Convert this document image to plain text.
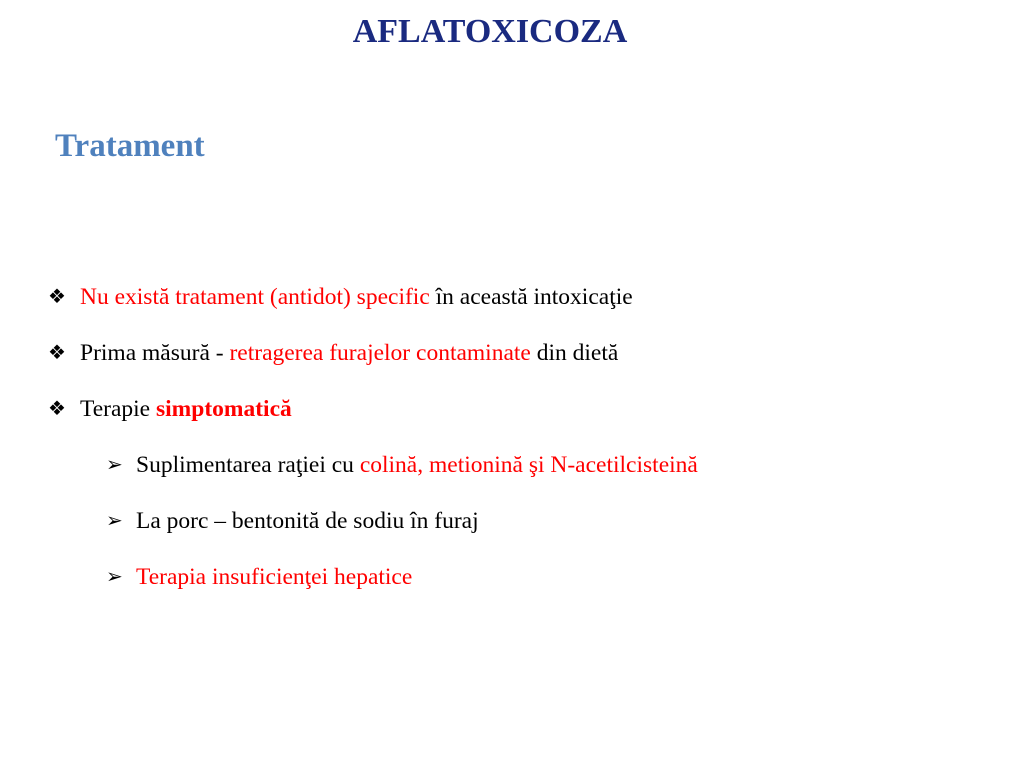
AFLATOXICOZA
Tratament
❖ Nu există tratament (antidot) specific în această intoxicaţie
❖ Prima măsură - retragerea furajelor contaminate din dietă
❖ Terapie simptomatică
➢ Suplimentarea raţiei cu colină, metionină şi N-acetilcisteină
➢ La porc – bentonită de sodiu în furaj
➢ Terapia insuficienţei hepatice
